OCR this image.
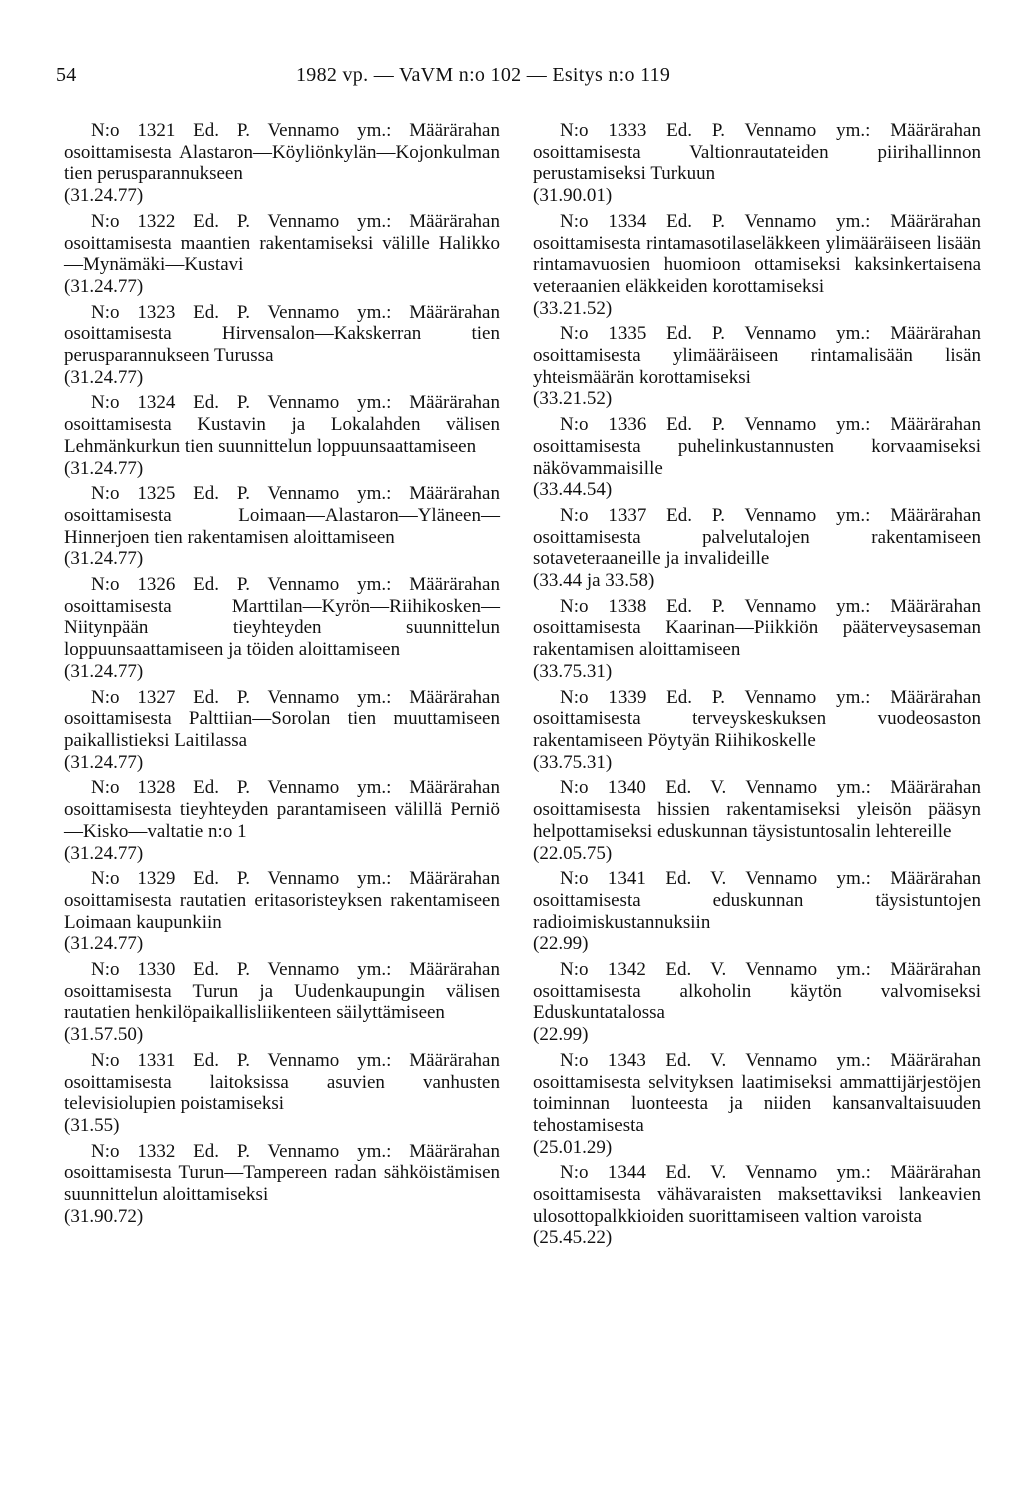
54	1982 vp. — VaVM n:o 102 — Esitys n:o 119

N:o 1321 Ed. P. Vennamo ym.: Määrärahan osoittamisesta Alastaron—Köyliönkylän—Kojonkulman tien perusparannukseen

(31.24.77)

N:o 1322 Ed. P. Vennamo ym.: Määrärahan osoittamisesta maantien rakentamiseksi välille Halikko—Mynämäki—Kustavi

(31.24.77)

N:o 1323 Ed. P. Vennamo ym.: Määrärahan osoittamisesta Hirvensalon—Kakskerran tien perusparannukseen Turussa

(31.24.77)

N:o 1324 Ed. P. Vennamo ym.: Määrärahan osoittamisesta Kustavin ja Lokalahden välisen Lehmänkurkun tien suunnittelun loppuunsaattamiseen

(31.24.77)

N:o 1325 Ed. P. Vennamo ym.: Määrärahan osoittamisesta Loimaan—Alastaron—Yläneen—Hinnerjoen tien rakentamisen aloittamiseen

(31.24.77)

N:o 1326 Ed. P. Vennamo ym.: Määrärahan osoittamisesta Marttilan—Kyrön—Riihikosken—Niitynpään tieyhteyden suunnittelun loppuunsaattamiseen ja töiden aloittamiseen

(31.24.77)

N:o 1327 Ed. P. Vennamo ym.: Määrärahan osoittamisesta Palttiian—Sorolan tien muuttamiseen paikallistieksi Laitilassa

(31.24.77)

N:o 1328 Ed. P. Vennamo ym.: Määrärahan osoittamisesta tieyhteyden parantamiseen välillä Perniö—Kisko—valtatie n:o 1

(31.24.77)

N:o 1329 Ed. P. Vennamo ym.: Määrärahan osoittamisesta rautatien eritasoristeyksen rakentamiseen Loimaan kaupunkiin

(31.24.77)

N:o 1330 Ed. P. Vennamo ym.: Määrärahan osoittamisesta Turun ja Uudenkaupungin välisen rautatien henkilöpaikallisliikenteen säilyttämiseen

(31.57.50)

N:o 1331 Ed. P. Vennamo ym.: Määrärahan osoittamisesta laitoksissa asuvien vanhusten televisiolupien poistamiseksi

(31.55)

N:o 1332 Ed. P. Vennamo ym.: Määrärahan osoittamisesta Turun—Tampereen radan sähköistämisen suunnittelun aloittamiseksi

(31.90.72)

N:o 1333 Ed. P. Vennamo ym.: Määrärahan osoittamisesta Valtionrautateiden piirihallinnon perustamiseksi Turkuun

(31.90.01)

N:o 1334 Ed. P. Vennamo ym.: Määrärahan osoittamisesta rintamasotilaseläkkeen ylimääräiseen lisään rintamavuosien huomioon ottamiseksi kaksinkertaisena veteraanien eläkkeiden korottamiseksi

(33.21.52)

N:o 1335 Ed. P. Vennamo ym.: Määrärahan osoittamisesta ylimääräiseen rintamalisään lisän yhteismäärän korottamiseksi

(33.21.52)

N:o 1336 Ed. P. Vennamo ym.: Määrärahan osoittamisesta puhelinkustannusten korvaamiseksi näkövammaisille

(33.44.54)

N:o 1337 Ed. P. Vennamo ym.: Määrärahan osoittamisesta palvelutalojen rakentamiseen sotaveteraaneille ja invalideille

(33.44 ja 33.58)

N:o 1338 Ed. P. Vennamo ym.: Määrärahan osoittamisesta Kaarinan—Piikkiön pääterveysaseman rakentamisen aloittamiseen

(33.75.31)

N:o 1339 Ed. P. Vennamo ym.: Määrärahan osoittamisesta terveyskeskuksen vuodeosaston rakentamiseen Pöytyän Riihikoskelle

(33.75.31)

N:o 1340 Ed. V. Vennamo ym.: Määrärahan osoittamisesta hissien rakentamiseksi yleisön pääsyn helpottamiseksi eduskunnan täysistuntosalin lehtereille

(22.05.75)

N:o 1341 Ed. V. Vennamo ym.: Määrärahan osoittamisesta eduskunnan täysistuntojen radioimiskustannuksiin

(22.99)

N:o 1342 Ed. V. Vennamo ym.: Määrärahan osoittamisesta alkoholin käytön valvomiseksi Eduskuntatalossa

(22.99)

N:o 1343 Ed. V. Vennamo ym.: Määrärahan osoittamisesta selvityksen laatimiseksi ammattijärjestöjen toiminnan luonteesta ja niiden kansanvaltaisuuden tehostamisesta

(25.01.29)

N:o 1344 Ed. V. Vennamo ym.: Määrärahan osoittamisesta vähävaraisten maksettaviksi lankeavien ulosottopalkkioiden suorittamiseen valtion varoista

(25.45.22)
